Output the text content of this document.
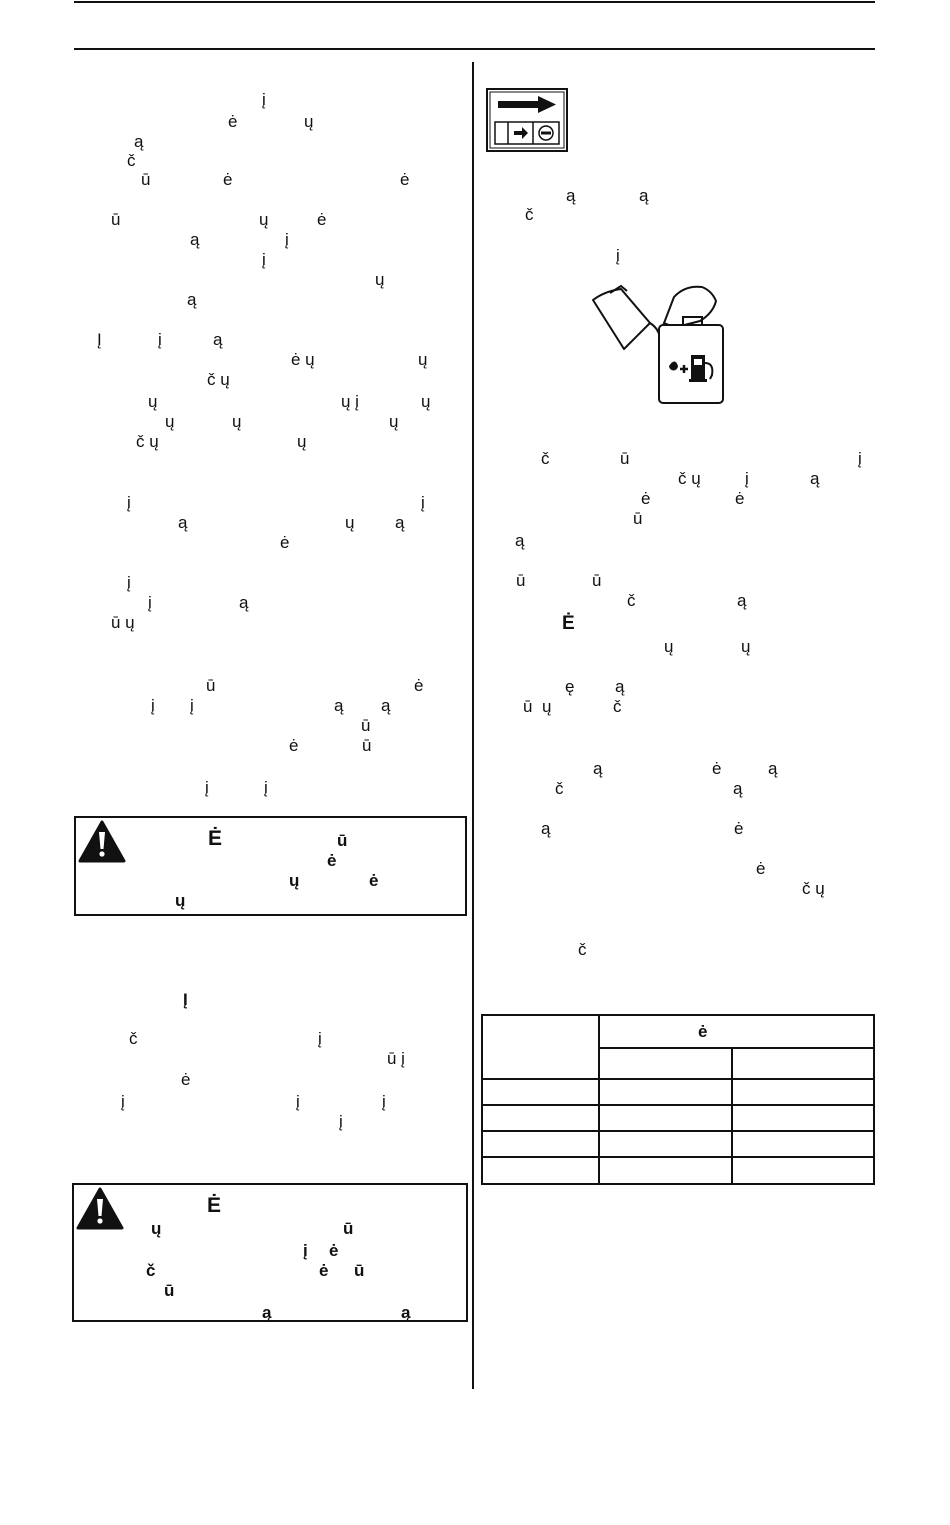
į
ė	ų
ą
č
ū	ė	ė
ū	ų	ė
ą	į
į
ų
ą
Į	į	ą
ė ų	ų
č ų
ų	ų į	ų
ų	ų	ų
č ų	ų
į	į
ą	ų ą
ė
į
į	ą
ū ų
ū	ė
į į	ą ą
ū
ė	ū
į	į
Ė	ū
ė
ų	ė
ų
Į
č	į
ū į
ė
į	į	į
į
Ė
ų	ū
į ė
č	ė ū
ū
ą	ą
ą	ą
č
į
č	ū	į
č ų	į	ą
ė	ė
ū
ą
ū	ū
č	ą
Ė
ų	ų
ę ą
ū ų	č
ą	ė	ą
č	ą
ą	ė
ė
č ų
č
ė
